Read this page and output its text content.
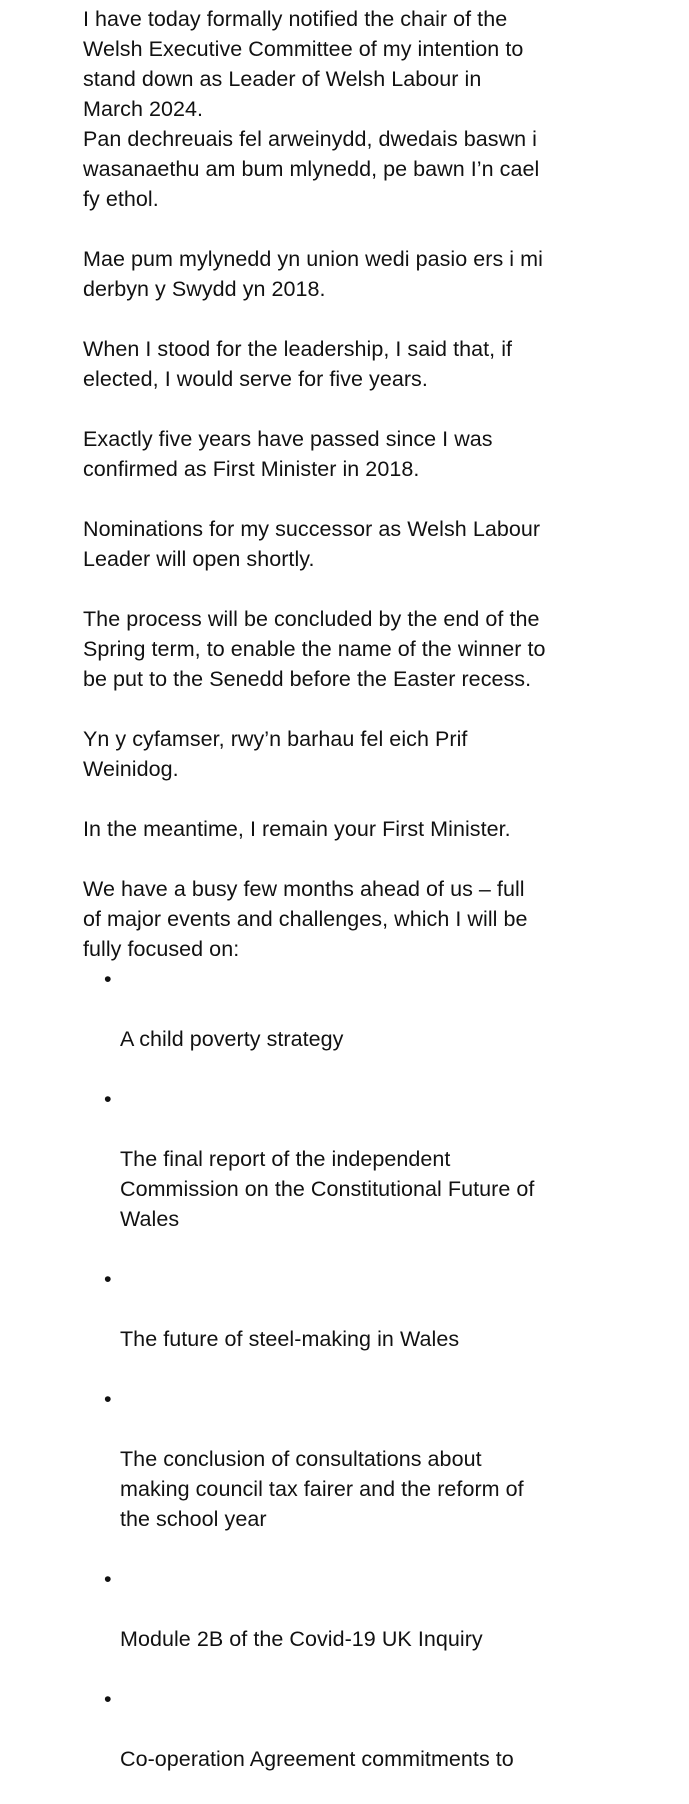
I have today formally notified the chair of the
Welsh Executive Committee of my intention to
stand down as Leader of Welsh Labour in
March 2024.
Pan dechreuais fel arweinydd, dwedais baswn i
wasanaethu am bum mlynedd, pe bawn I’n cael
fy ethol.

Mae pum mylynedd yn union wedi pasio ers i mi
derbyn y Swydd yn 2018.

When I stood for the leadership, I said that, if
elected, I would serve for five years.

Exactly five years have passed since I was
confirmed as First Minister in 2018.

Nominations for my successor as Welsh Labour
Leader will open shortly.

The process will be concluded by the end of the
Spring term, to enable the name of the winner to
be put to the Senedd before the Easter recess.

Yn y cyfamser, rwy’n barhau fel eich Prif
Weinidog.

In the meantime, I remain your First Minister.

We have a busy few months ahead of us – full
of major events and challenges, which I will be
fully focused on:

•

A child poverty strategy

•

The final report of the independent
Commission on the Constitutional Future of
Wales

•

The future of steel-making in Wales

•

The conclusion of consultations about
making council tax fairer and the reform of
the school year

•

Module 2B of the Covid-19 UK Inquiry

•

Co-operation Agreement commitments to
